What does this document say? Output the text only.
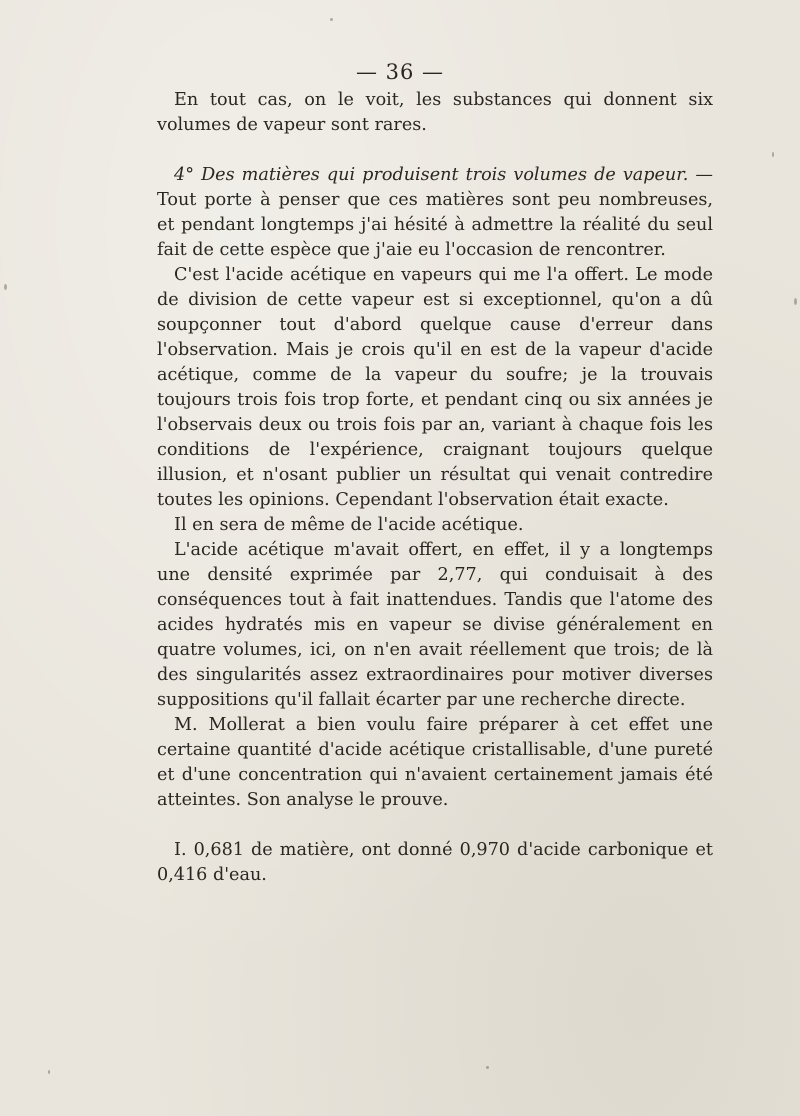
— 36 —

En tout cas, on le voit, les substances qui donnent six volumes de vapeur sont rares.

4° Des matières qui produisent trois volumes de vapeur. — Tout porte à penser que ces matières sont peu nombreuses, et pendant longtemps j'ai hésité à admettre la réalité du seul fait de cette espèce que j'aie eu l'occasion de rencontrer.

C'est l'acide acétique en vapeurs qui me l'a offert. Le mode de division de cette vapeur est si exceptionnel, qu'on a dû soupçonner tout d'abord quelque cause d'erreur dans l'observation. Mais je crois qu'il en est de la vapeur d'acide acétique, comme de la vapeur du soufre; je la trouvais toujours trois fois trop forte, et pendant cinq ou six années je l'observais deux ou trois fois par an, variant à chaque fois les conditions de l'expérience, craignant toujours quelque illusion, et n'osant publier un résultat qui venait contredire toutes les opinions. Cependant l'observation était exacte.

Il en sera de même de l'acide acétique.

L'acide acétique m'avait offert, en effet, il y a longtemps une densité exprimée par 2,77, qui conduisait à des conséquences tout à fait inattendues. Tandis que l'atome des acides hydratés mis en vapeur se divise généralement en quatre volumes, ici, on n'en avait réellement que trois; de là des singularités assez extraordinaires pour motiver diverses suppositions qu'il fallait écarter par une recherche directe.

M. Mollerat a bien voulu faire préparer à cet effet une certaine quantité d'acide acétique cristallisable, d'une pureté et d'une concentration qui n'avaient certainement jamais été atteintes. Son analyse le prouve.

I. 0,681 de matière, ont donné 0,970 d'acide carbonique et 0,416 d'eau.
